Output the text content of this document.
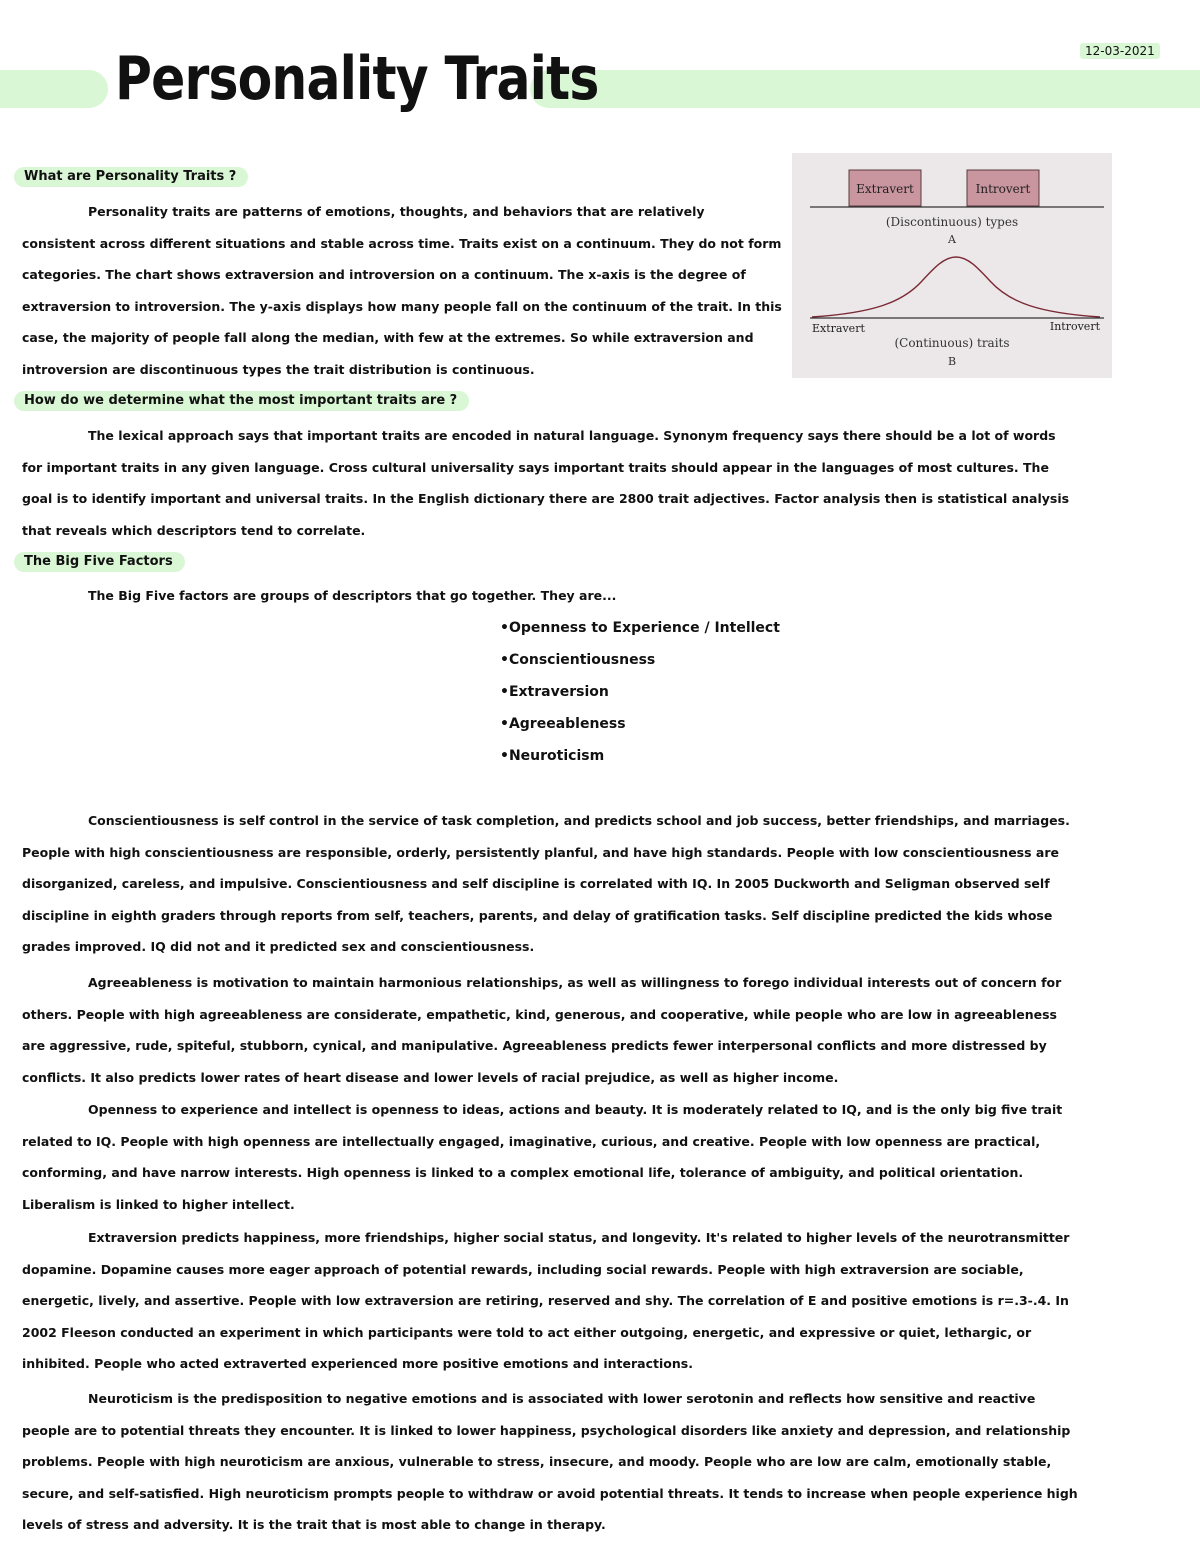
Personality Traits	12-03-2021
What are Personality Traits ?

Personality traits are patterns of emotions, thoughts, and behaviors that are relatively consistent across different situations and stable across time. Traits exist on a continuum. They do not form categories. The chart shows extraversion and introversion on a continuum. The x-axis is the degree of extraversion to introversion. The y-axis displays how many people fall on the continuum of the trait. In this case, the majority of people fall along the median, with few at the extremes. So while extraversion and introversion are discontinuous types the trait distribution is continuous.

Extravert	Introvert
(Discontinuous) types
A
Extravert	Introvert
(Continuous) traits
B
How do we determine what the most important traits are ?

The lexical approach says that important traits are encoded in natural language. Synonym frequency says there should be a lot of words for important traits in any given language. Cross cultural universality says important traits should appear in the languages of most cultures. The goal is to identify important and universal traits. In the English dictionary there are 2800 trait adjectives. Factor analysis then is statistical analysis that reveals which descriptors tend to correlate.

The Big Five Factors

The Big Five factors are groups of descriptors that go together. They are...

•Openness to Experience / Intellect
•Conscientiousness
•Extraversion
•Agreeableness
•Neuroticism

Conscientiousness is self control in the service of task completion, and predicts school and job success, better friendships, and marriages. People with high conscientiousness are responsible, orderly, persistently planful, and have high standards. People with low conscientiousness are disorganized, careless, and impulsive. Conscientiousness and self discipline is correlated with IQ. In 2005 Duckworth and Seligman observed self discipline in eighth graders through reports from self, teachers, parents, and delay of gratification tasks. Self discipline predicted the kids whose grades improved. IQ did not and it predicted sex and conscientiousness.

Agreeableness is motivation to maintain harmonious relationships, as well as willingness to forego individual interests out of concern for others. People with high agreeableness are considerate, empathetic, kind, generous, and cooperative, while people who are low in agreeableness are aggressive, rude, spiteful, stubborn, cynical, and manipulative. Agreeableness predicts fewer interpersonal conflicts and more distressed by conflicts. It also predicts lower rates of heart disease and lower levels of racial prejudice, as well as higher income.

Openness to experience and intellect is openness to ideas, actions and beauty. It is moderately related to IQ, and is the only big five trait related to IQ. People with high openness are intellectually engaged, imaginative, curious, and creative. People with low openness are practical, conforming, and have narrow interests. High openness is linked to a complex emotional life, tolerance of ambiguity, and political orientation. Liberalism is linked to higher intellect.

Extraversion predicts happiness, more friendships, higher social status, and longevity. It's related to higher levels of the neurotransmitter dopamine. Dopamine causes more eager approach of potential rewards, including social rewards. People with high extraversion are sociable, energetic, lively, and assertive. People with low extraversion are retiring, reserved and shy. The correlation of E and positive emotions is r=.3-.4. In 2002 Fleeson conducted an experiment in which participants were told to act either outgoing, energetic, and expressive or quiet, lethargic, or inhibited. People who acted extraverted experienced more positive emotions and interactions.

Neuroticism is the predisposition to negative emotions and is associated with lower serotonin and reflects how sensitive and reactive people are to potential threats they encounter. It is linked to lower happiness, psychological disorders like anxiety and depression, and relationship problems. People with high neuroticism are anxious, vulnerable to stress, insecure, and moody. People who are low are calm, emotionally stable, secure, and self-satisfied. High neuroticism prompts people to withdraw or avoid potential threats. It tends to increase when people experience high levels of stress and adversity. It is the trait that is most able to change in therapy.
